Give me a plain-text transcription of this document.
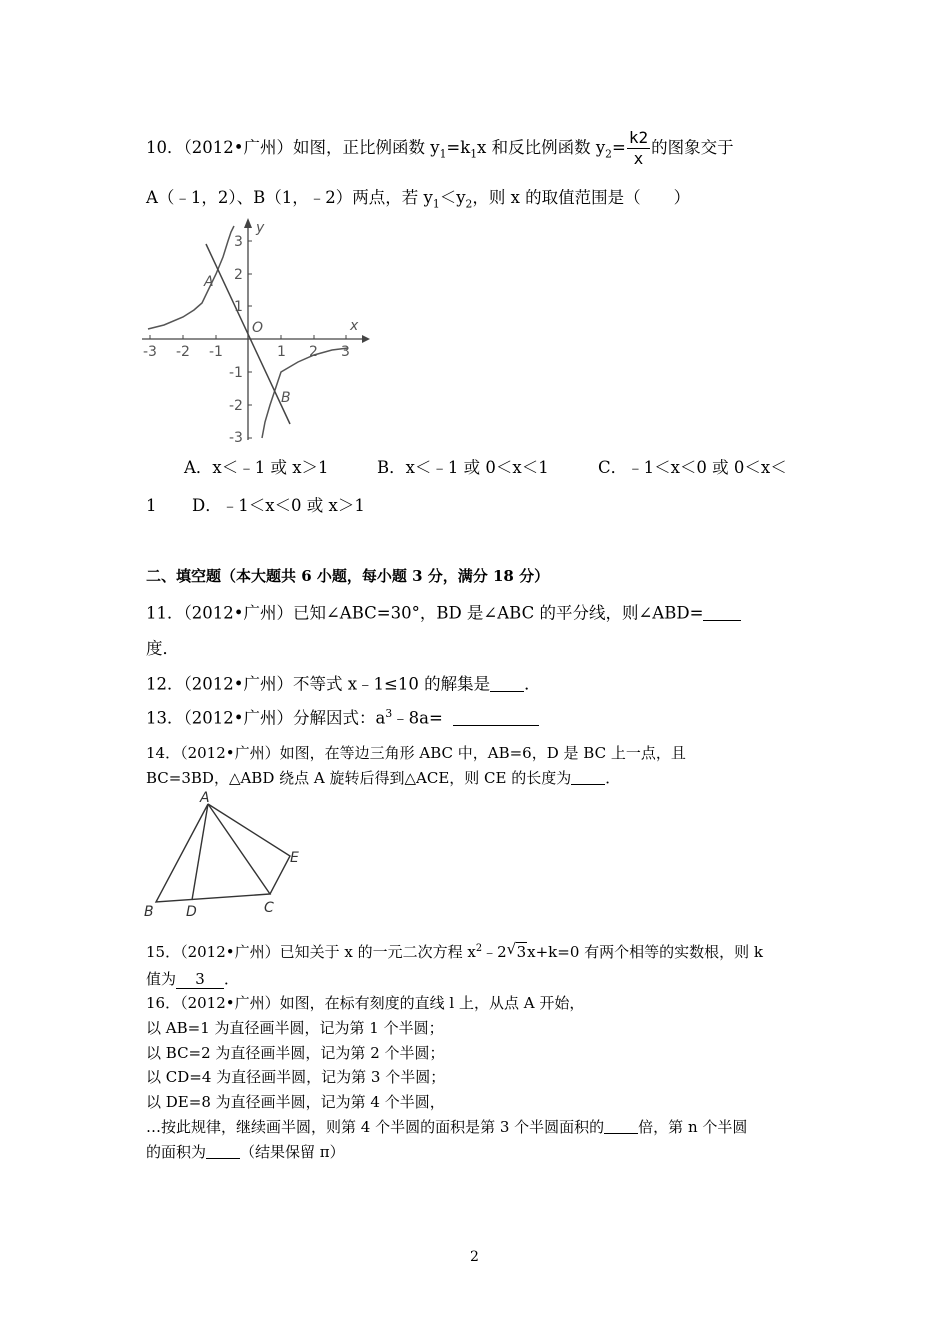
10．（2012•广州）如图，正比例函数 $y_1=k_1x$ 和反比例函数 $y_2= \frac{k2}{x}$ 的图象交于
A（﹣1，2）、B（1，﹣2）两点，若 $y_1<y_2$，则 x 的取值范围是（　　）
y
x
O
A
B
-3 -2 -1	1 2 3
3
2
1
-1
-2
-3
A．x＜﹣1 或 x＞1	B．x＜﹣1 或 0＜x＜1	C．﹣1＜x＜0 或 0＜x＜
1 D．﹣1＜x＜0 或 x＞1
二、填空题（本大题共 6 小题，每小题 3 分，满分 18 分）
11．（2012•广州）已知∠ABC=30°，BD 是∠ABC 的平分线，则∠ABD=
度．
12．（2012•广州）不等式 x﹣1≤10 的解集是 ．
13．（2012•广州）分解因式：$a^3﹣8a=$
14．（2012•广州）如图，在等边三角形 ABC 中，AB=6，D 是 BC 上一点，且
BC=3BD，△ABD 绕点 A 旋转后得到△ACE，则 CE 的长度为 ．
A
B D	C
E
15．（2012•广州）已知关于 x 的一元二次方程 $x^2﹣2$ √ 3x+k=0 有两个相等的实数根，则 k
值为 3 ．
16．（2012•广州）如图，在标有刻度的直线 l 上，从点 A 开始，
以 AB=1 为直径画半圆，记为第 1 个半圆；
以 BC=2 为直径画半圆，记为第 2 个半圆；
以 CD=4 为直径画半圆，记为第 3 个半圆；
以 DE=8 为直径画半圆，记为第 4 个半圆，
…按此规律，继续画半圆，则第 4 个半圆的面积是第 3 个半圆面积的 倍，第 n 个半圆
的面积为 （结果保留 π）
2
